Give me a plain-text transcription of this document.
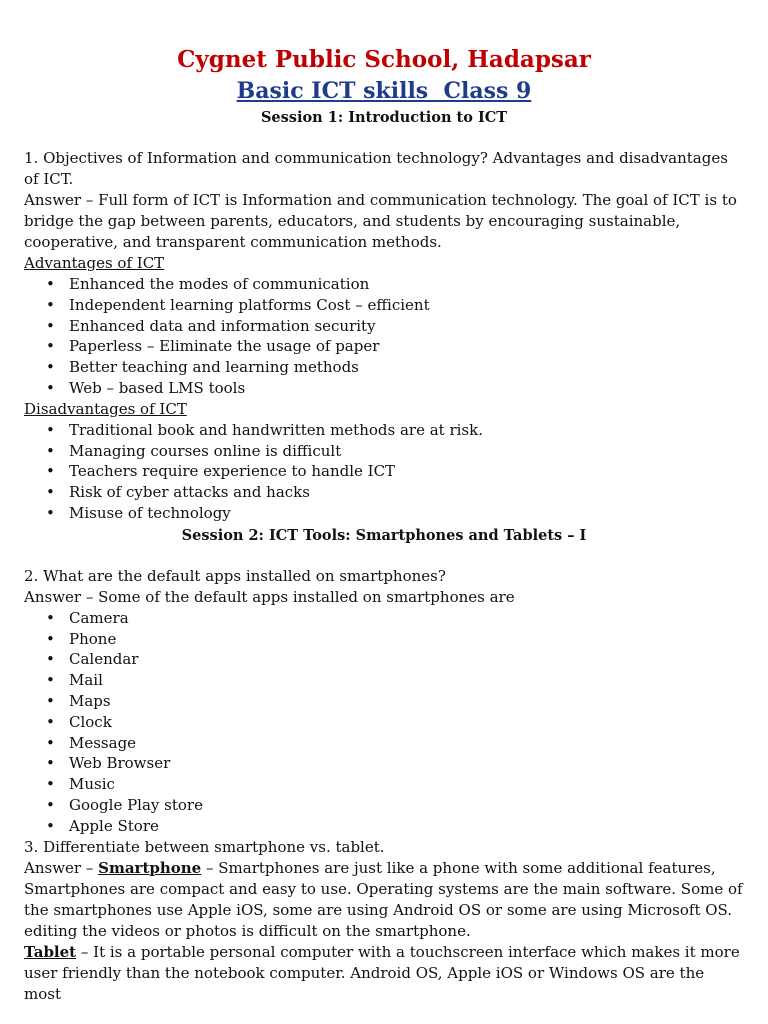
Cygnet Public School, Hadapsar
Basic ICT skills  Class 9
Session 1: Introduction to ICT

1. Objectives of Information and communication technology? Advantages and disadvantages of ICT.

Answer – Full form of ICT is Information and communication technology. The goal of ICT is to bridge the gap between parents, educators, and students by encouraging sustainable, cooperative, and transparent communication methods.

Advantages of ICT

• Enhanced the modes of communication
• Independent learning platforms Cost – efficient
• Enhanced data and information security
• Paperless – Eliminate the usage of paper
• Better teaching and learning methods
• Web – based LMS tools

Disadvantages of ICT

• Traditional book and handwritten methods are at risk.
• Managing courses online is difficult
• Teachers require experience to handle ICT
• Risk of cyber attacks and hacks
• Misuse of technology
Session 2: ICT Tools: Smartphones and Tablets – I

2. What are the default apps installed on smartphones?

Answer – Some of the default apps installed on smartphones are

• Camera
• Phone
• Calendar
• Mail
• Maps
• Clock
• Message
• Web Browser
• Music
• Google Play store
• Apple Store

3. Differentiate between smartphone vs. tablet.

Answer – Smartphone – Smartphones are just like a phone with some additional features, Smartphones are compact and easy to use. Operating systems are the main software. Some of the smartphones use Apple iOS, some are using Android OS or some are using Microsoft OS. editing the videos or photos is difficult on the smartphone.

Tablet – It is a portable personal computer with a touchscreen interface which makes it more user friendly than the notebook computer. Android OS, Apple iOS or Windows OS are the most
